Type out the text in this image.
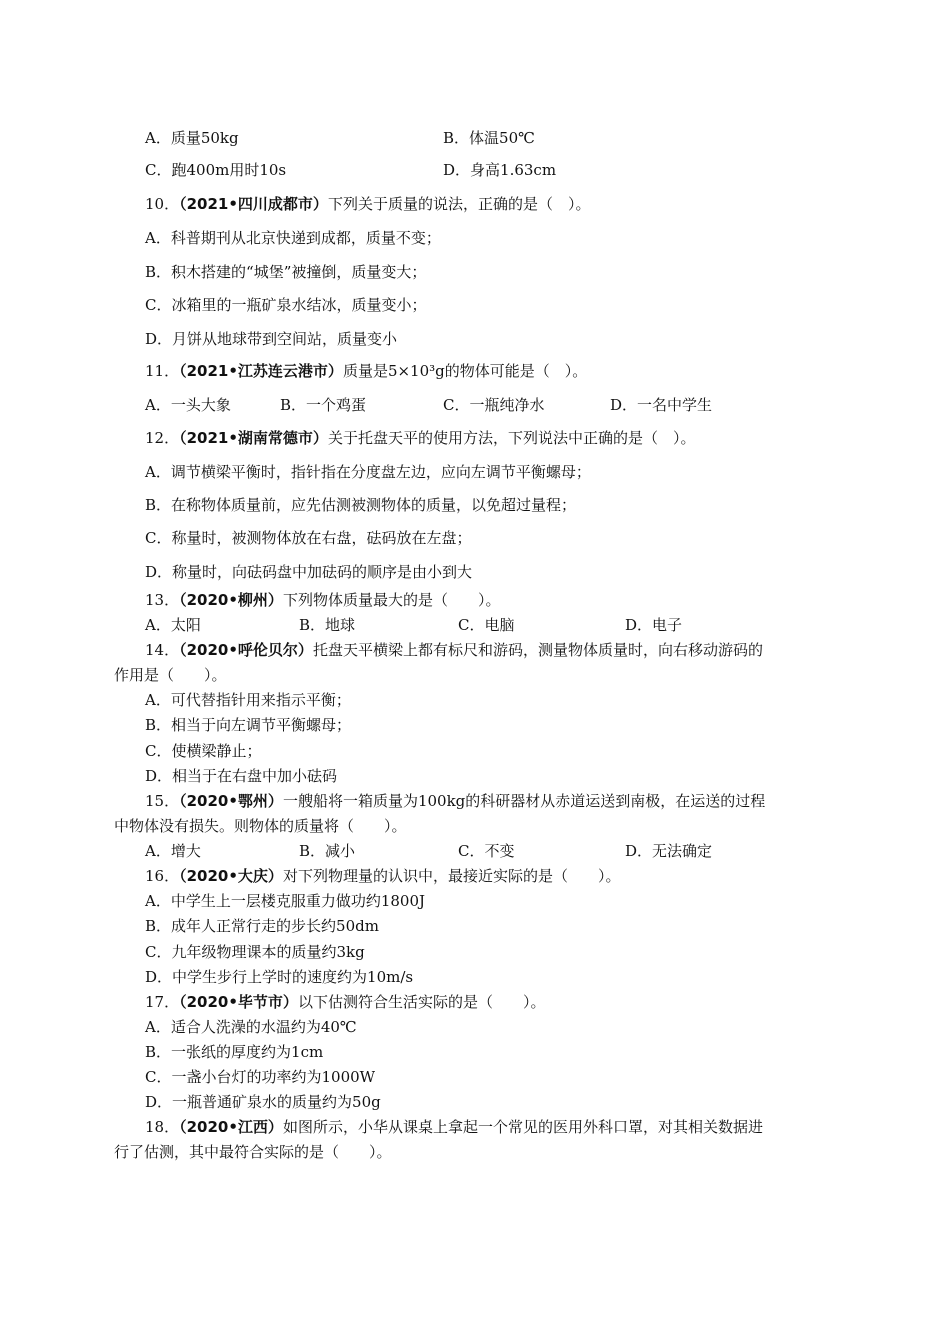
A．质量50kg	B．体温50℃
C．跑400m用时10s	D．身高1.63cm
10．（2021•四川成都市）下列关于质量的说法，正确的是（　）。
A．科普期刊从北京快递到成都，质量不变；
B．积木搭建的“城堡”被撞倒，质量变大；
C．冰箱里的一瓶矿泉水结冰，质量变小；
D．月饼从地球带到空间站，质量变小
11．（2021•江苏连云港市）质量是5×10³g的物体可能是（　）。
A．一头大象	B．一个鸡蛋	C．一瓶纯净水	D．一名中学生
12．（2021•湖南常德市）关于托盘天平的使用方法，下列说法中正确的是（　）。
A．调节横梁平衡时，指针指在分度盘左边，应向左调节平衡螺母；
B．在称物体质量前，应先估测被测物体的质量，以免超过量程；
C．称量时，被测物体放在右盘，砝码放在左盘；
D．称量时，向砝码盘中加砝码的顺序是由小到大
13．（2020•柳州）下列物体质量最大的是（　　）。
A．太阳	B．地球	C．电脑	D．电子
14．（2020•呼伦贝尔）托盘天平横梁上都有标尺和游码，测量物体质量时，向右移动游码的
作用是（　　）。
A．可代替指针用来指示平衡；
B．相当于向左调节平衡螺母；
C．使横梁静止；
D．相当于在右盘中加小砝码
15．（2020•鄂州）一艘船将一箱质量为100kg的科研器材从赤道运送到南极，在运送的过程
中物体没有损失。则物体的质量将（　　）。
A．增大	B．减小	C．不变	D．无法确定
16．（2020•大庆）对下列物理量的认识中，最接近实际的是（　　）。
A．中学生上一层楼克服重力做功约1800J
B．成年人正常行走的步长约50dm
C．九年级物理课本的质量约3kg
D．中学生步行上学时的速度约为10m/s
17．（2020•毕节市）以下估测符合生活实际的是（　　）。
A．适合人洗澡的水温约为40℃
B．一张纸的厚度约为1cm
C．一盏小台灯的功率约为1000W
D．一瓶普通矿泉水的质量约为50g
18．（2020•江西）如图所示，小华从课桌上拿起一个常见的医用外科口罩，对其相关数据进
行了估测，其中最符合实际的是（　　）。
